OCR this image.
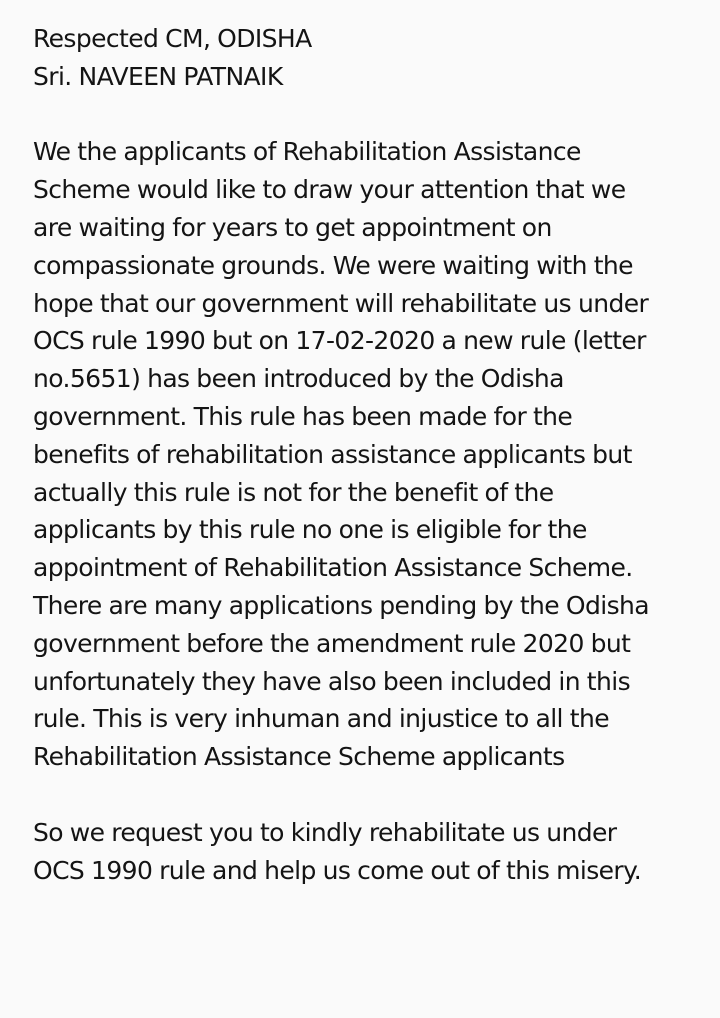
Respected CM, ODISHA
Sri. NAVEEN PATNAIK
We the applicants of Rehabilitation Assistance
Scheme would like to draw your attention that we
are waiting for years to get appointment on
compassionate grounds. We were waiting with the
hope that our government will rehabilitate us under
OCS rule 1990 but on 17-02-2020 a new rule (letter
no.5651) has been introduced by the Odisha
government. This rule has been made for the
benefits of rehabilitation assistance applicants but
actually this rule is not for the benefit of the
applicants by this rule no one is eligible for the
appointment of Rehabilitation Assistance Scheme.
There are many applications pending by the Odisha
government before the amendment rule 2020 but
unfortunately they have also been included in this
rule. This is very inhuman and injustice to all the
Rehabilitation Assistance Scheme applicants
So we request you to kindly rehabilitate us under
OCS 1990 rule and help us come out of this misery.
